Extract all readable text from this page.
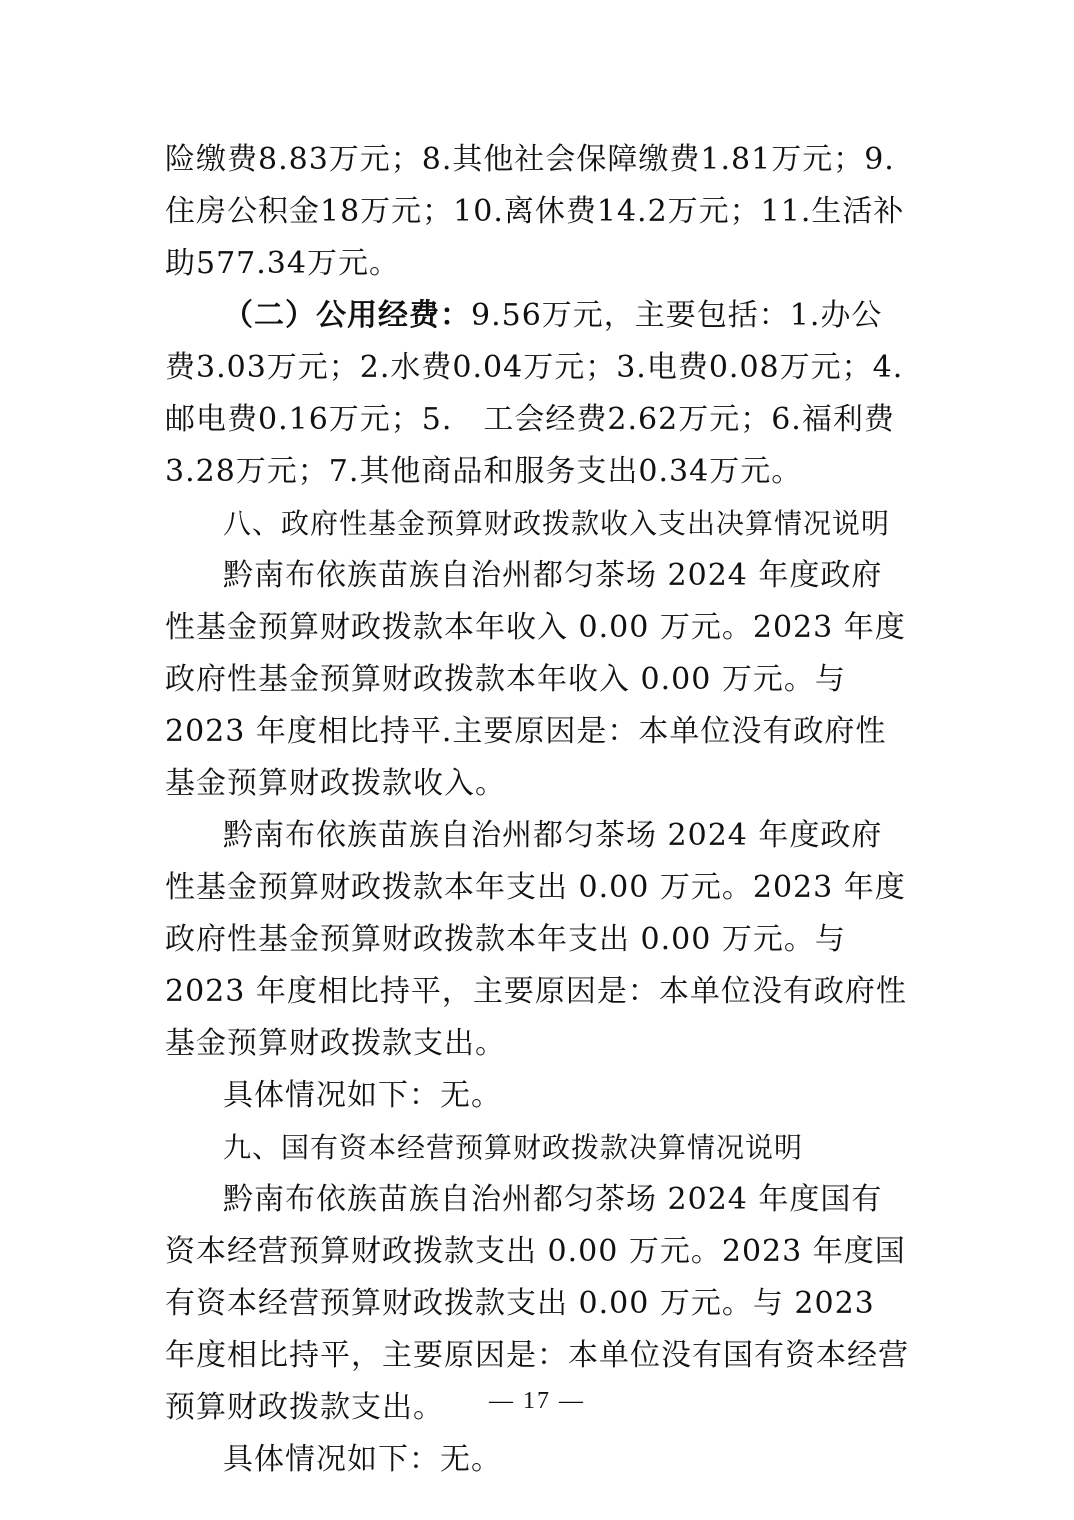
险缴费8.83万元；8.其他社会保障缴费1.81万元；9.住房公积金18万元；10.离休费14.2万元；11.生活补助577.34万元。

（二）公用经费：9.56万元，主要包括：1.办公费3.03万元；2.水费0.04万元；3.电费0.08万元；4.邮电费0.16万元；5.　工会经费2.62万元；6.福利费3.28万元；7.其他商品和服务支出0.34万元。

八、政府性基金预算财政拨款收入支出决算情况说明

黔南布依族苗族自治州都匀茶场 2024 年度政府性基金预算财政拨款本年收入 0.00 万元。2023 年度政府性基金预算财政拨款本年收入 0.00 万元。与 2023 年度相比持平.主要原因是：本单位没有政府性基金预算财政拨款收入。

黔南布依族苗族自治州都匀茶场 2024 年度政府性基金预算财政拨款本年支出 0.00 万元。2023 年度政府性基金预算财政拨款本年支出 0.00 万元。与 2023 年度相比持平，主要原因是：本单位没有政府性基金预算财政拨款支出。

具体情况如下：无。

九、国有资本经营预算财政拨款决算情况说明

黔南布依族苗族自治州都匀茶场 2024 年度国有资本经营预算财政拨款支出 0.00 万元。2023 年度国有资本经营预算财政拨款支出 0.00 万元。与 2023 年度相比持平，主要原因是：本单位没有国有资本经营预算财政拨款支出。

具体情况如下：无。

— 17 —
